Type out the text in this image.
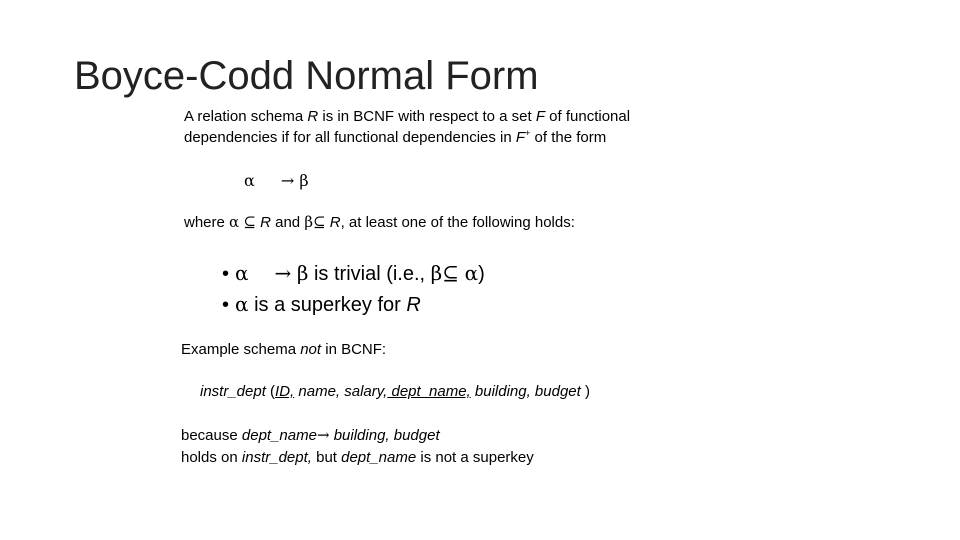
Boyce-Codd Normal Form
A relation schema R is in BCNF with respect to a set F of functional
dependencies if for all functional dependencies in F+ of the form
α → β
where α ⊆ R and β⊆ R, at least one of the following holds:
• α → β is trivial (i.e., β⊆ α)
• α is a superkey for R
Example schema not in BCNF:
instr_dept (ID, name, salary, dept_name, building, budget )
because dept_name→ building, budget
holds on instr_dept, but dept_name is not a superkey
